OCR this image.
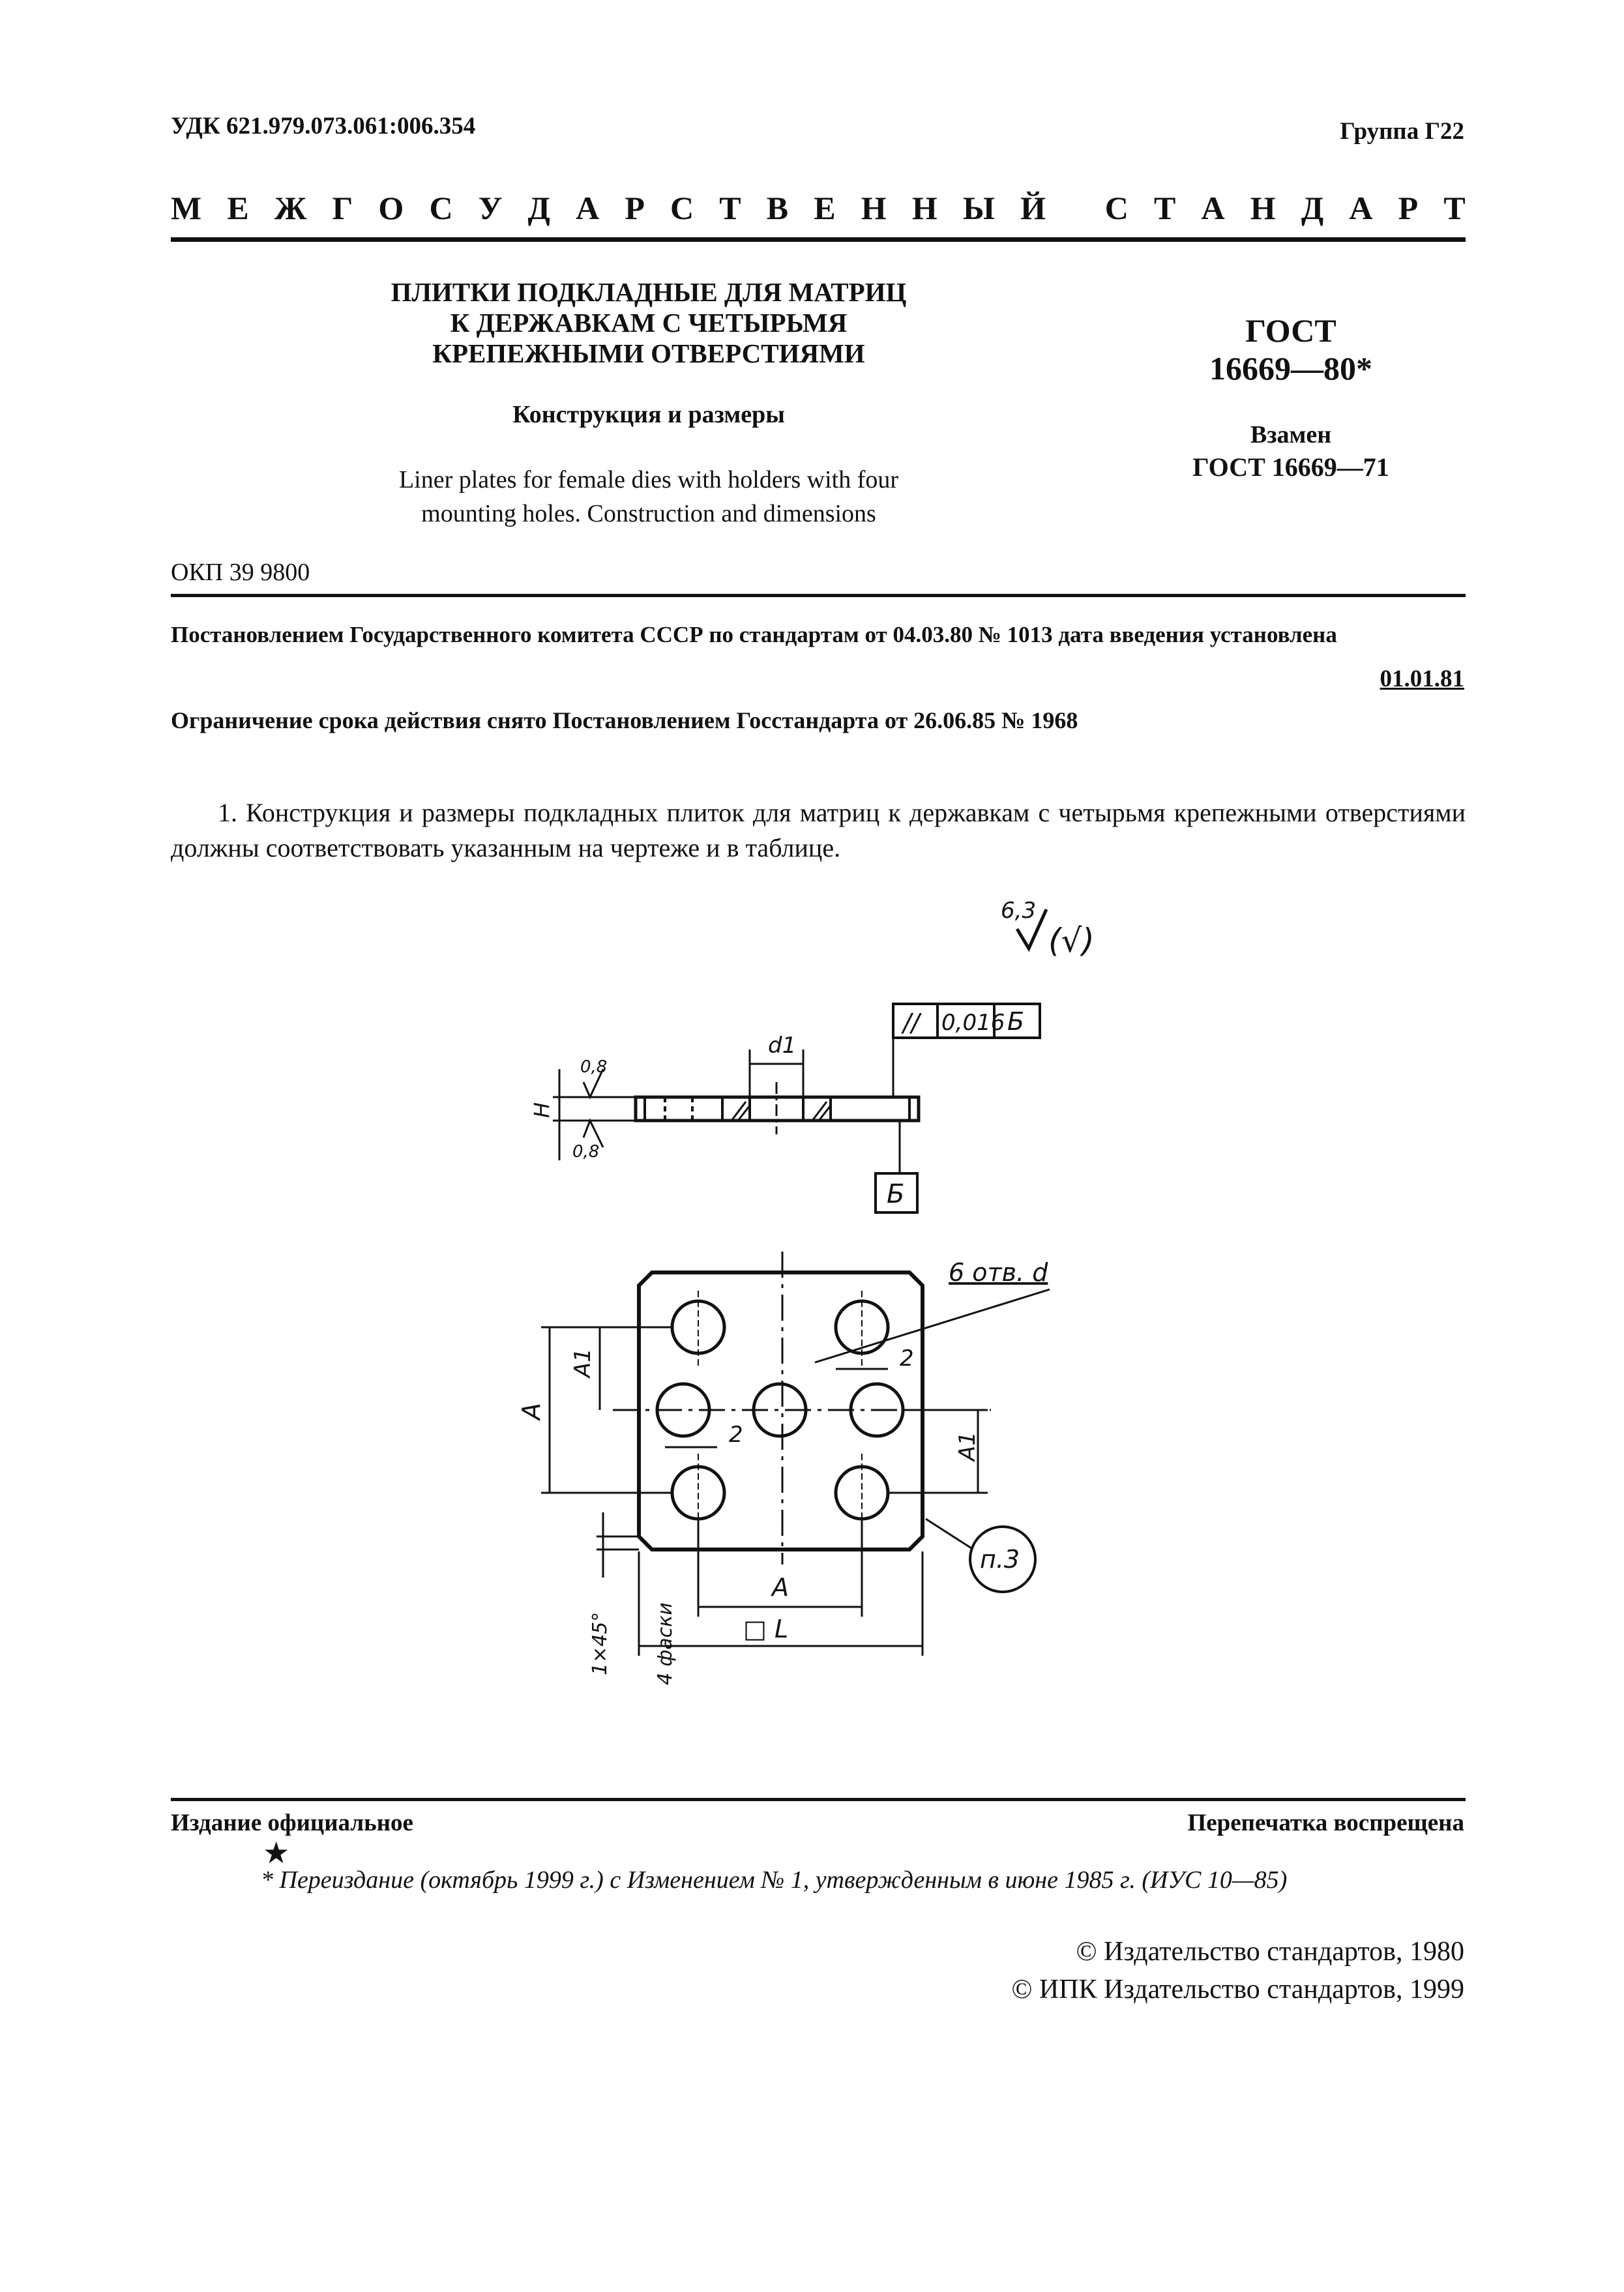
УДК 621.979.073.061:006.354	Группа Г22
М Е Ж Г О С У Д А Р С Т В Е Н Н Ы Й
С Т А Н Д А Р Т
ПЛИТКИ ПОДКЛАДНЫЕ ДЛЯ МАТРИЦ
К ДЕРЖАВКАМ С ЧЕТЫРЬМЯ
КРЕПЕЖНЫМИ ОТВЕРСТИЯМИ
Конструкция и размеры
Liner plates for female dies with holders with four
mounting holes. Construction and dimensions
ГОСТ
16669—80*
Взамен
ГОСТ 16669—71
ОКП 39 9800
Постановлением Государственного комитета СССР по стандартам от 04.03.80 № 1013 дата введения установлена
01.01.81
Ограничение срока действия снято Постановлением Госстандарта от 26.06.85 № 1968
1. Конструкция и размеры подкладных плиток для матриц к державкам с четырьмя крепежными отверстиями должны соответствовать указанным на чертеже и в таблице.
6,3
(√)
// 0,016 Б
Б
d1
H
0,8
0,8
6 отв. d
2
2
A
A1
A1
A
□ L
1×45° 4 фаски
п.3
Издание официальное	Перепечатка воспрещена
★
* Переиздание (октябрь 1999 г.) с Изменением № 1, утвержденным в июне 1985 г. (ИУС 10—85)
© Издательство стандартов, 1980
© ИПК Издательство стандартов, 1999
